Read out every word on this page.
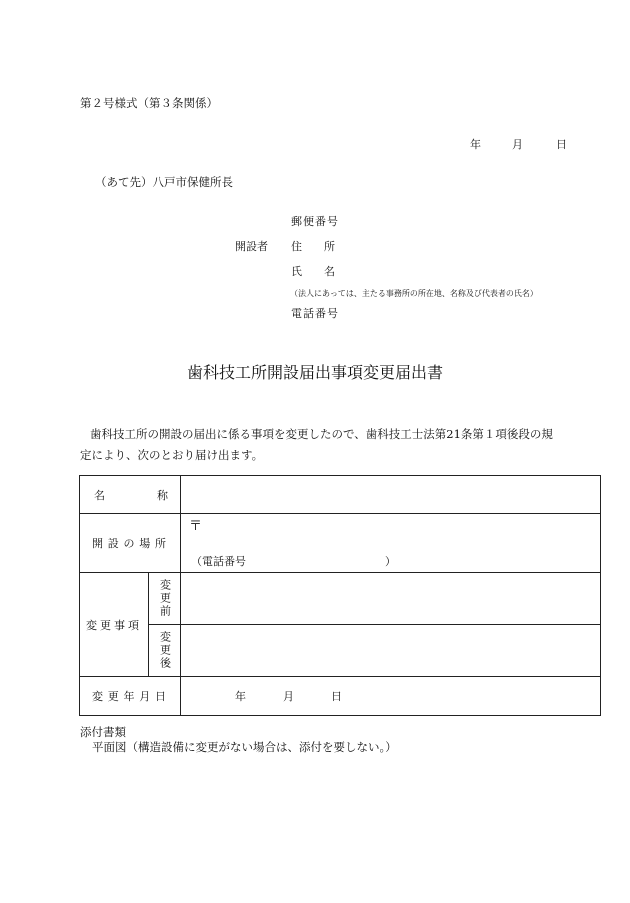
第２号様式（第３条関係）
年	月	日
（あて先）八戸市保健所長
開設者
郵便番号
住　　所
氏　　名
（法人にあっては、主たる事務所の所在地、名称及び代表者の氏名）
電話番号
歯科技工所開設届出事項変更届出書
歯科技工所の開設の届出に係る事項を変更したので、歯科技工士法第21条第１項後段の規定により、次のとおり届け出ます。
名 称		

開 設 の 場 所		〒
（電話番号 ）

変更事項	変更前	

	変更後	

変 更 年 月 日		年 月 日
添付書類
平面図（構造設備に変更がない場合は、添付を要しない。）
